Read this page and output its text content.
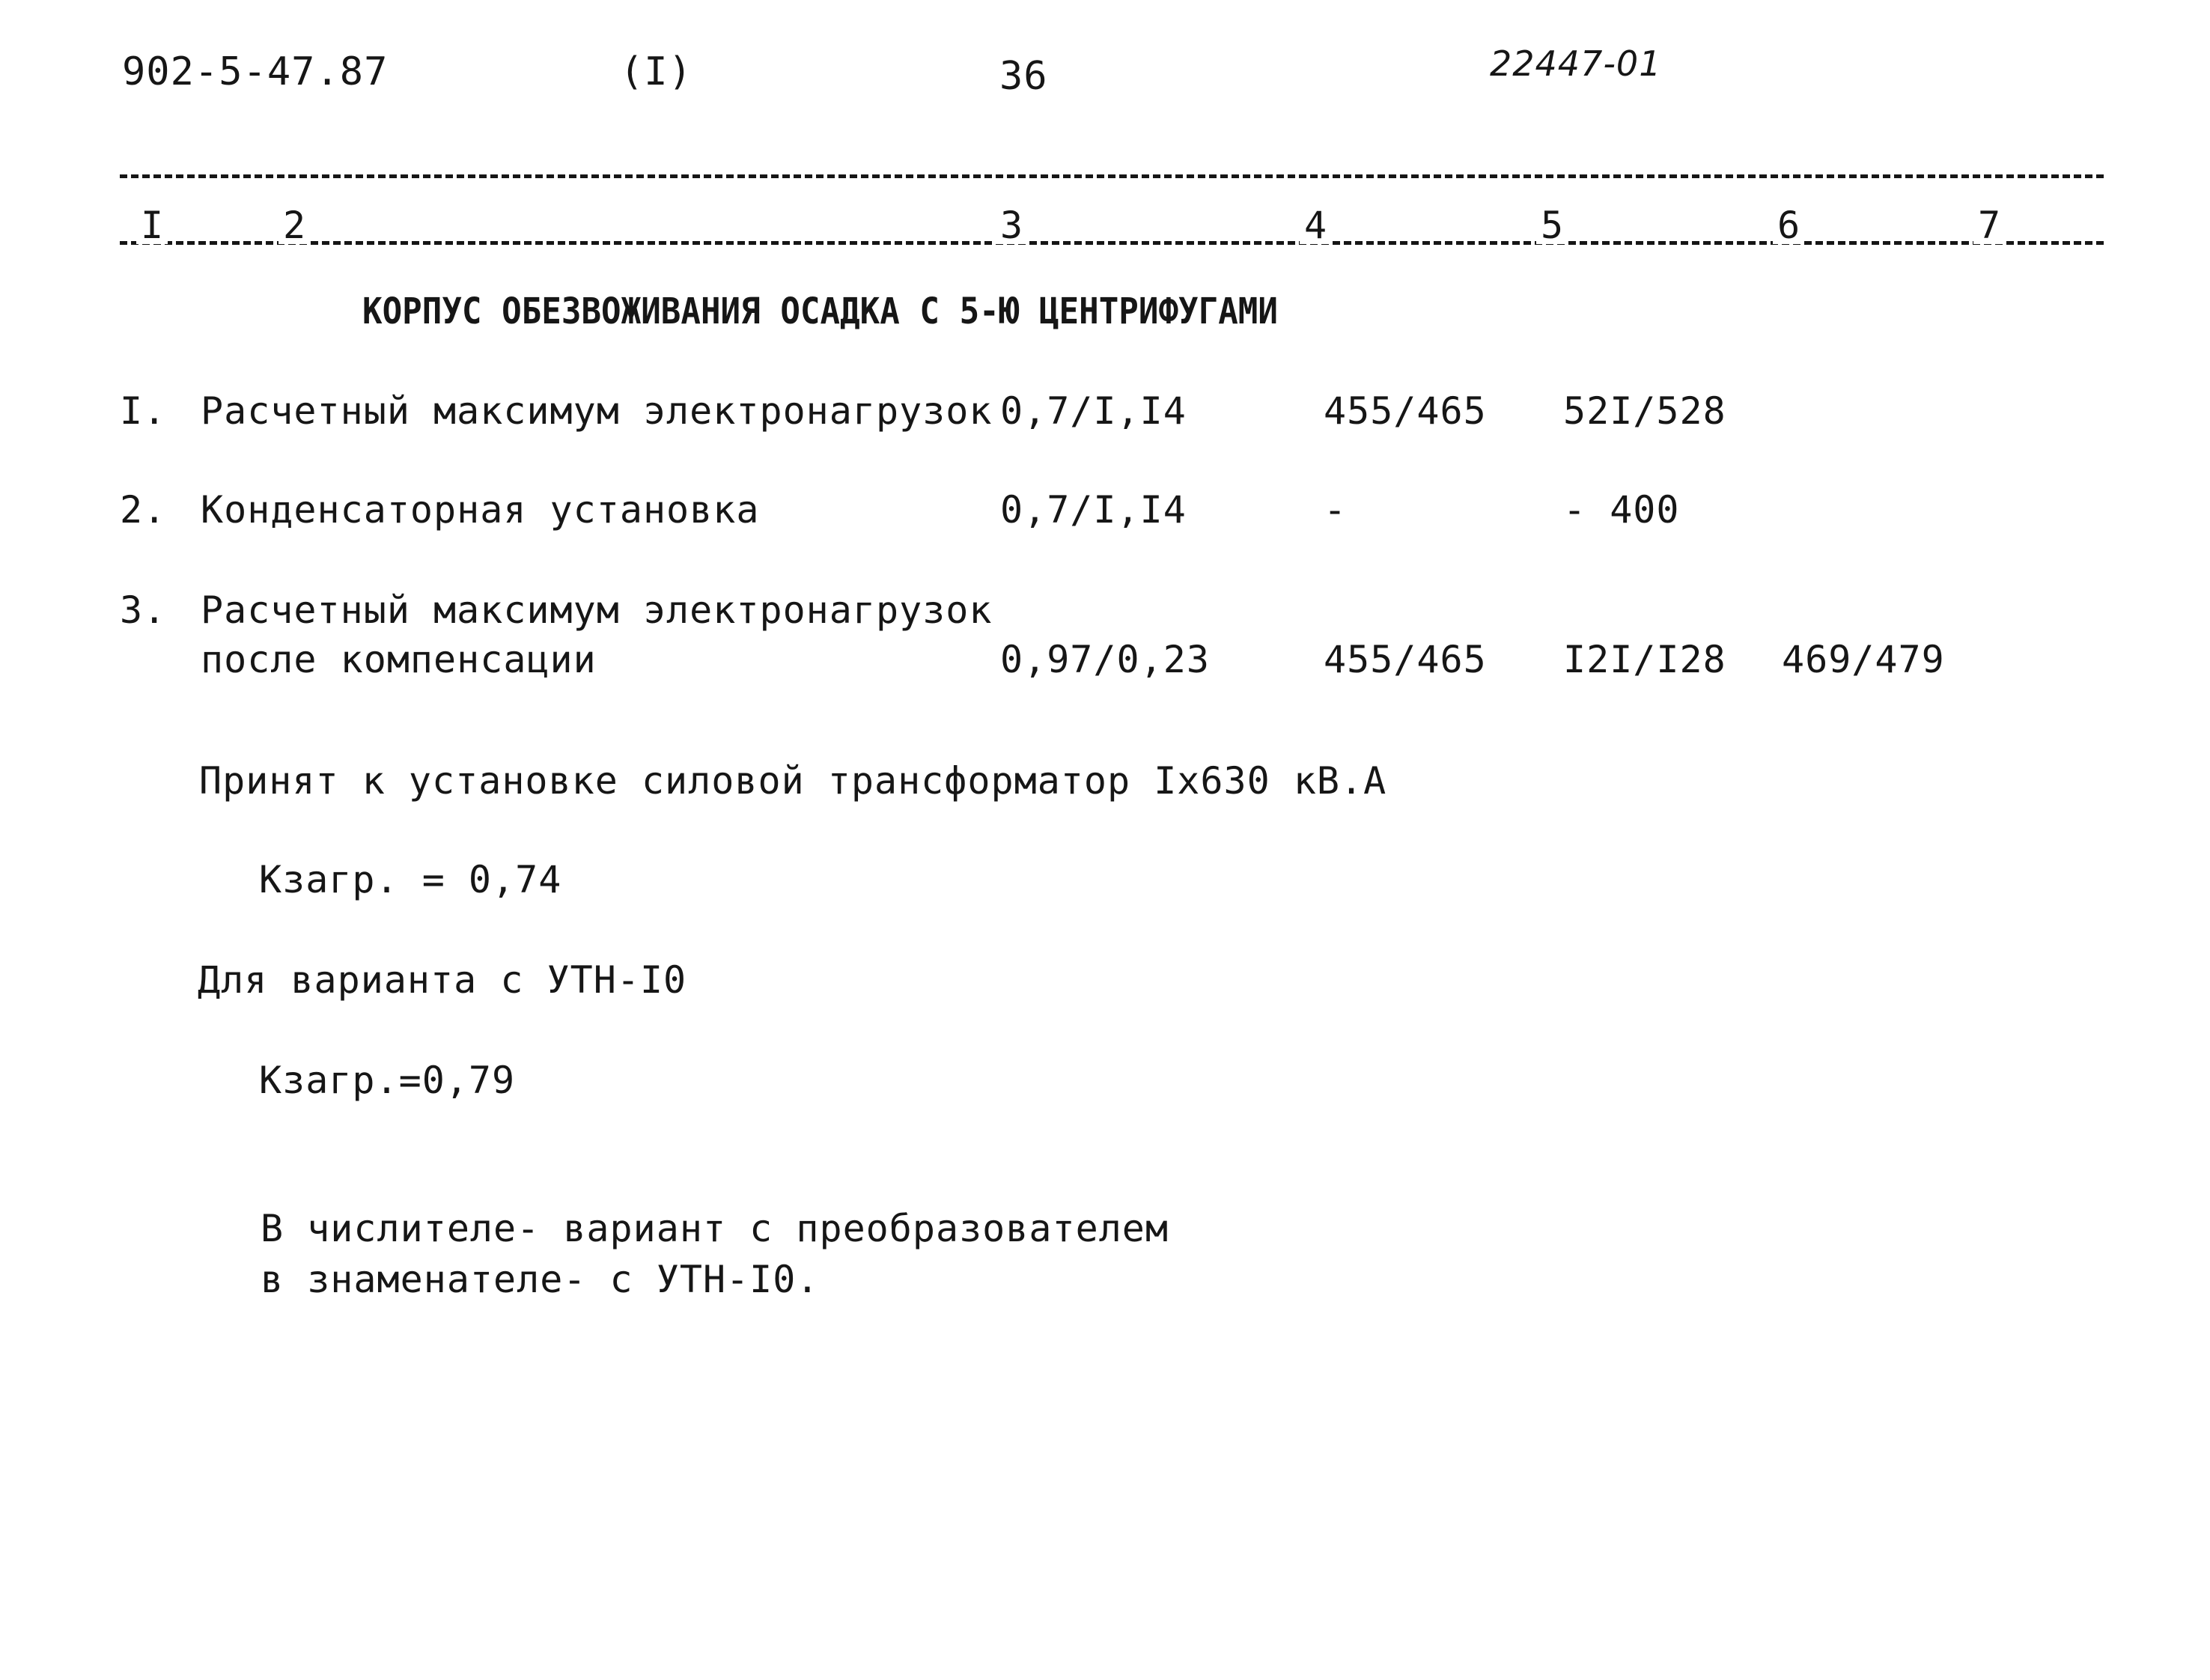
902-5-47.87	(I)	36	22447-01
I	2	3	4	5	6	7
КОРПУС ОБЕЗВОЖИВАНИЯ ОСАДКА С 5-Ю ЦЕНТРИФУГАМИ
I. Расчетный максимум электронагрузок 0,7/I,I4	455/465 52I/528
2. Конденсаторная установка	0,7/I,I4	-	- 400
3. Расчетный максимум электронагрузок
после компенсации	0,97/0,23	455/465 I2I/I28 469/479
Принят к установке силовой трансформатор Iх630 кВ.А
Кзагр. = 0,74
Для варианта с УТН-I0
Кзагр.=0,79
В числителе- вариант с преобразователем
в знаменателе- с УТН-I0.
